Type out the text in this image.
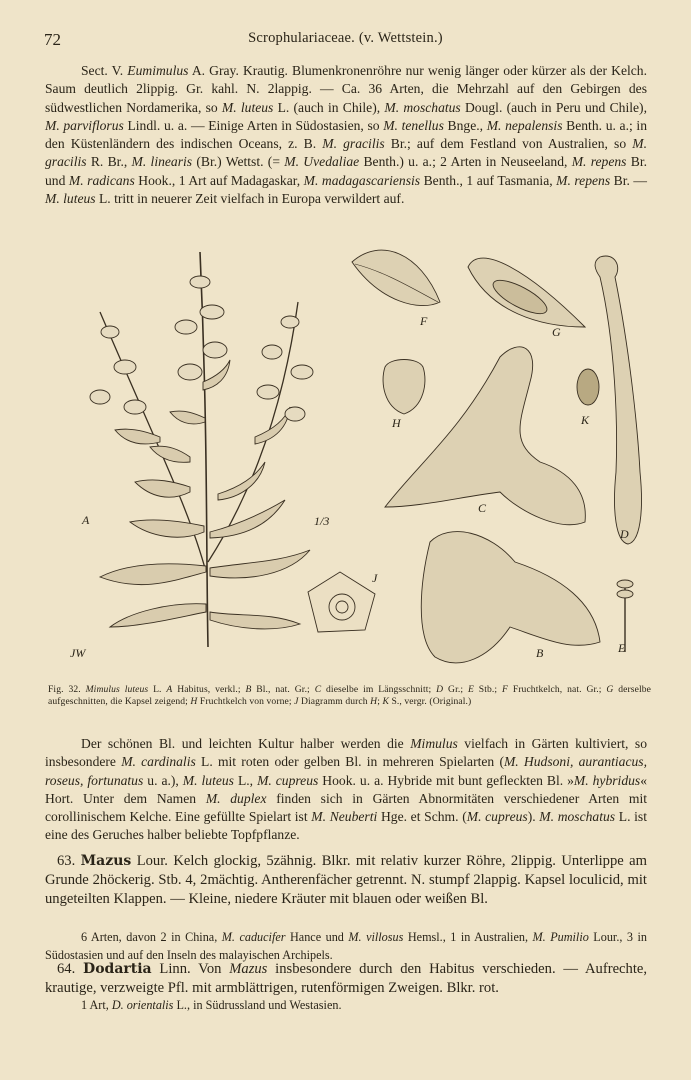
72	Scrophulariaceae. (v. Wettstein.)
Sect. V. Eumimulus A. Gray. Krautig. Blumenkronenröhre nur wenig länger oder kürzer als der Kelch. Saum deutlich 2lippig. Gr. kahl. N. 2lappig. — Ca. 36 Arten, die Mehrzahl auf den Gebirgen des südwestlichen Nordamerika, so M. luteus L. (auch in Chile), M. moschatus Dougl. (auch in Peru und Chile), M. parviflorus Lindl. u. a. — Einige Arten in Südostasien, so M. tenellus Bnge., M. nepalensis Benth. u. a.; in den Küstenländern des indischen Oceans, z. B. M. gracilis Br.; auf dem Festland von Australien, so M. gracilis R. Br., M. linearis (Br.) Wettst. (= M. Uvedaliae Benth.) u. a.; 2 Arten in Neuseeland, M. repens Br. und M. radicans Hook., 1 Art auf Madagaskar, M. madagascariensis Benth., 1 auf Tasmania, M. repens Br. — M. luteus L. tritt in neuerer Zeit vielfach in Europa verwildert auf.
A	1/3
B
C
D
E
F
G
H
J
K
JW
Fig. 32. Mimulus luteus L. A Habitus, verkl.; B Bl., nat. Gr.; C dieselbe im Längsschnitt; D Gr.; E Stb.; F Fruchtkelch, nat. Gr.; G derselbe aufgeschnitten, die Kapsel zeigend; H Fruchtkelch von vorne; J Diagramm durch H; K S., vergr. (Original.)
Der schönen Bl. und leichten Kultur halber werden die Mimulus vielfach in Gärten kultiviert, so insbesondere M. cardinalis L. mit roten oder gelben Bl. in mehreren Spielarten (M. Hudsoni, aurantiacus, roseus, fortunatus u. a.), M. luteus L., M. cupreus Hook. u. a. Hybride mit bunt gefleckten Bl. »M. hybridus« Hort. Unter dem Namen M. duplex finden sich in Gärten Abnormitäten verschiedener Arten mit corollinischem Kelche. Eine gefüllte Spielart ist M. Neuberti Hge. et Schm. (M. cupreus). M. moschatus L. ist eine des Geruches halber beliebte Topfpflanze.
63. Mazus Lour. Kelch glockig, 5zähnig. Blkr. mit relativ kurzer Röhre, 2lippig. Unterlippe am Grunde 2höckerig. Stb. 4, 2mächtig. Antherenfächer getrennt. N. stumpf 2lappig. Kapsel loculicid, mit ungeteilten Klappen. — Kleine, niedere Kräuter mit blauen oder weißen Bl.
6 Arten, davon 2 in China, M. caducifer Hance und M. villosus Hemsl., 1 in Australien, M. Pumilio Lour., 3 in Südostasien und auf den Inseln des malayischen Archipels.
64. Dodartia Linn. Von Mazus insbesondere durch den Habitus verschieden. — Aufrechte, krautige, verzweigte Pfl. mit armblättrigen, rutenförmigen Zweigen. Blkr. rot.
1 Art, D. orientalis L., in Südrussland und Westasien.
